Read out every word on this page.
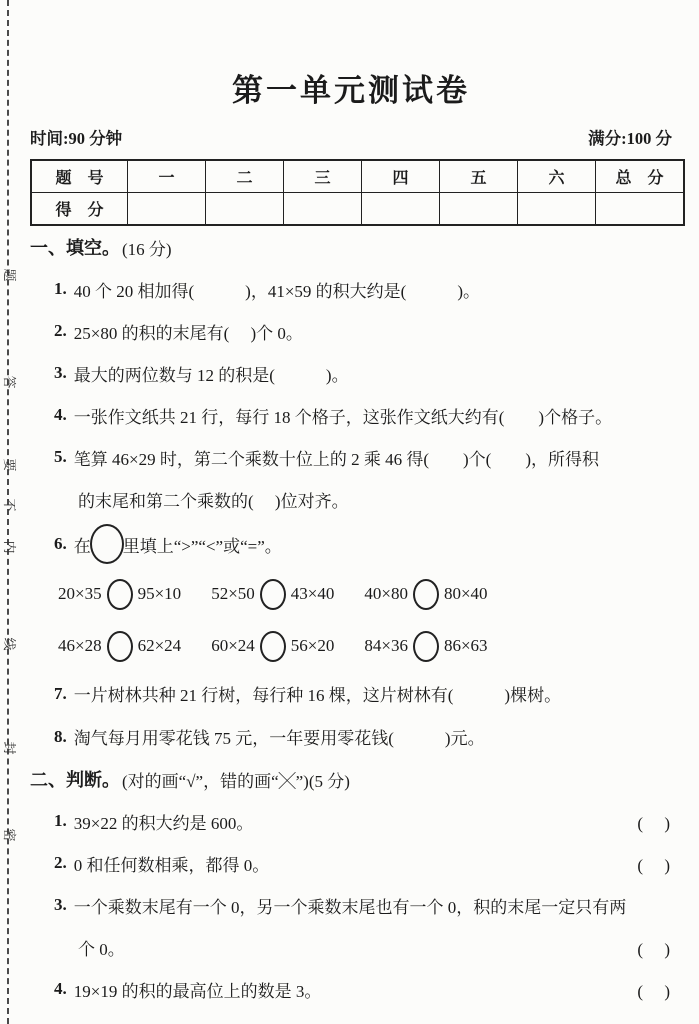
题
答
要
不
内
线
封
密
第一单元测试卷
时间:90 分钟	满分:100 分
题　号	一	二	三	四	五	六	总　分
得　分							
一、填空。 (16 分)
1. 40 个 20 相加得(　　　)，41×59 的积大约是(　　　)。
2. 25×80 的积的末尾有(　 )个 0。
3. 最大的两位数与 12 的积是(　　　)。
4. 一张作文纸共 21 行，每行 18 个格子，这张作文纸大约有(　　)个格子。
5. 笔算 46×29 时，第二个乘数十位上的 2 乘 46 得(　　)个(　　)，所得积
的末尾和第二个乘数的(　 )位对齐。
6. 在 里填上“>”“<”或“=”。
20×35 95×10 52×50 43×40 40×80 80×40
46×28 62×24 60×24 56×20 84×36 86×63
7. 一片树林共种 21 行树，每行种 16 棵，这片树林有(　　　)棵树。
8. 淘气每月用零花钱 75 元，一年要用零花钱(　　　)元。
二、判断。 (对的画“√”，错的画“╳”)(5 分)
1. 39×22 的积大约是 600。	(　 )
2. 0 和任何数相乘，都得 0。	(　 )
3. 一个乘数末尾有一个 0，另一个乘数末尾也有一个 0，积的末尾一定只有两
个 0。	(　 )
4. 19×19 的积的最高位上的数是 3。	(　 )
